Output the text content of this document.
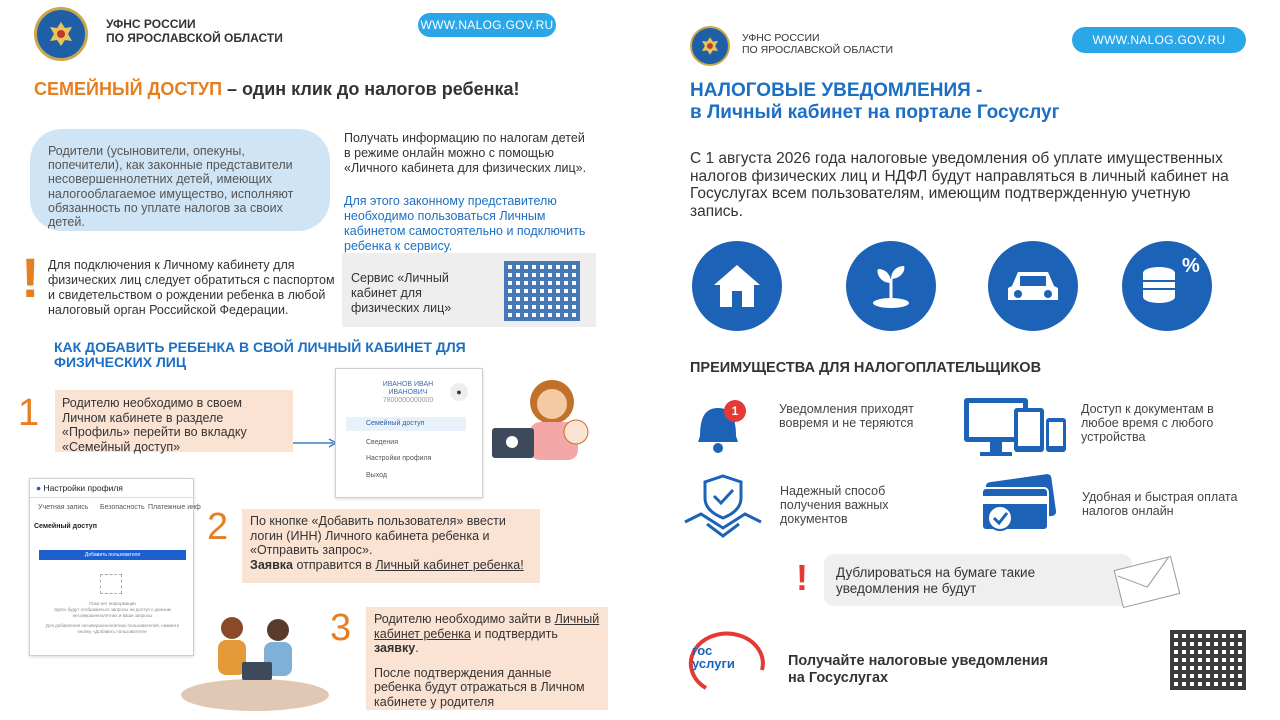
УФНС РОССИИ
ПО ЯРОСЛАВСКОЙ ОБЛАСТИ
WWW.NALOG.GOV.RU
СЕМЕЙНЫЙ ДОСТУП – один клик до налогов ребенка!
Родители (усыновители, опекуны, попечители), как законные представители несовершеннолетних детей, имеющих налогооблагаемое имущество, исполняют обязанность по уплате налогов за своих детей.
Получать информацию по налогам детей в режиме онлайн можно с помощью «Личного кабинета для физических лиц».
Для этого законному представителю необходимо пользоваться Личным кабинетом самостоятельно и подключить ребенка к сервису.
! Для подключения к Личному кабинету для физических лиц следует обратиться с паспортом и свидетельством о рождении ребенка в любой налоговый орган Российской Федерации.
Сервис «Личный кабинет для физических лиц»
КАК ДОБАВИТЬ РЕБЕНКА В СВОЙ ЛИЧНЫЙ КАБИНЕТ ДЛЯ ФИЗИЧЕСКИХ ЛИЦ
1	Родителю необходимо в своем Личном кабинете в разделе «Профиль» перейти во вкладку «Семейный доступ»
ИВАНОВ ИВАН
ИВАНОВИЧ
7800000000000
●
Семейный доступ
Сведения
Настройки профиля
Выход
● Настройки профиля
Учетная запись Безопасность Платежные инф
Семейный доступ
Добавить пользователя
Пока нет информации
Здесь будут отображаться запросы на доступ к данным несовершеннолетних и ваши запросы
Для добавления несовершеннолетних пользователей, нажмите кнопку «Добавить пользователя»
2	По кнопке «Добавить пользователя» ввести логин (ИНН) Личного кабинета ребенка и «Отправить запрос».
Заявка отправится в Личный кабинет ребенка!
3	Родителю необходимо зайти в Личный кабинет ребенка и подтвердить заявку.
После подтверждения данные ребенка будут отражаться в Личном кабинете у родителя
УФНС РОССИИ
ПО ЯРОСЛАВСКОЙ ОБЛАСТИ
WWW.NALOG.GOV.RU
НАЛОГОВЫЕ УВЕДОМЛЕНИЯ -
в Личный кабинет на портале Госуслуг
С 1 августа 2026 года налоговые уведомления об уплате имущественных налогов физических лиц и НДФЛ будут направляться в личный кабинет на Госуслугах всем пользователям, имеющим подтвержденную учетную запись.
%
ПРЕИМУЩЕСТВА ДЛЯ НАЛОГОПЛАТЕЛЬЩИКОВ
1	Уведомления приходят вовремя и не теряются
Доступ к документам в любое время с любого устройства
Надежный способ получения важных документов
Удобная и быстрая оплата налогов онлайн
!	Дублироваться на бумаге такие уведомления не будут
гос
услуги	Получайте налоговые уведомления на Госуслугах
